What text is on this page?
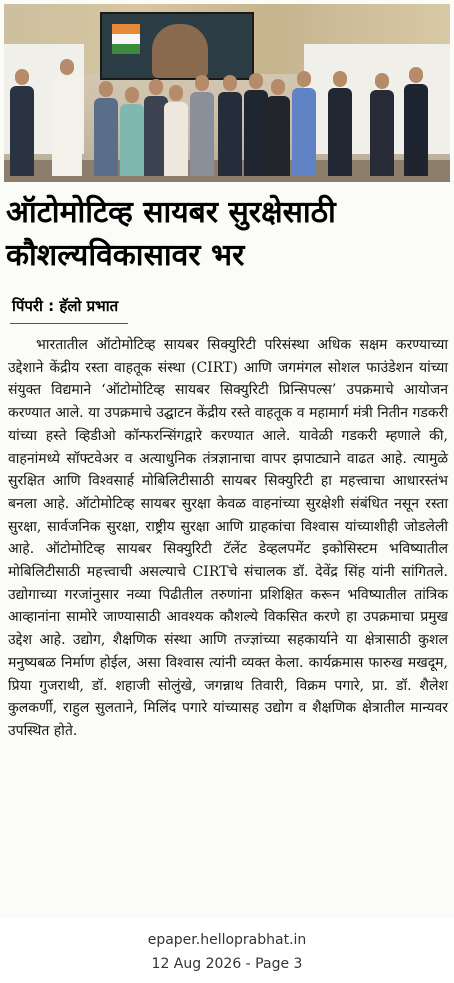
ऑटोमोटिव्ह सायबर सुरक्षेसाठी कौशल्यविकासावर भर

पिंपरी : हॅलो प्रभात

भारतातील ऑटोमोटिव्ह सायबर सिक्युरिटी परिसंस्था अधिक सक्षम करण्याच्या उद्देशाने केंद्रीय रस्ता वाहतूक संस्था (CIRT) आणि जगमंगल सोशल फाउंडेशन यांच्या संयुक्त विद्यमाने ‘ऑटोमोटिव्ह सायबर सिक्युरिटी प्रिन्सिपल्स’ उपक्रमाचे आयोजन करण्यात आले. या उपक्रमाचे उद्घाटन केंद्रीय रस्ते वाहतूक व महामार्ग मंत्री नितीन गडकरी यांच्या हस्ते व्हिडीओ कॉन्फरन्सिंगद्वारे करण्यात आले. यावेळी गडकरी म्हणाले की, वाहनांमध्ये सॉफ्टवेअर व अत्याधुनिक तंत्रज्ञानाचा वापर झपाट्याने वाढत आहे. त्यामुळे सुरक्षित आणि विश्वसार्ह मोबिलिटीसाठी सायबर सिक्युरिटी हा महत्त्वाचा आधारस्तंभ बनला आहे. ऑटोमोटिव्ह सायबर सुरक्षा केवळ वाहनांच्या सुरक्षेशी संबंधित नसून रस्ता सुरक्षा, सार्वजनिक सुरक्षा, राष्ट्रीय सुरक्षा आणि ग्राहकांचा विश्वास यांच्याशीही जोडलेली आहे. ऑटोमोटिव्ह सायबर सिक्युरिटी टॅलेंट डेव्हलपमेंट इकोसिस्टम भविष्यातील मोबिलिटीसाठी महत्त्वाची असल्याचे CIRTचे संचालक डॉ. देवेंद्र सिंह यांनी सांगितले. उद्योगाच्या गरजांनुसार नव्या पिढीतील तरुणांना प्रशिक्षित करून भविष्यातील तांत्रिक आव्हानांना सामोरे जाण्यासाठी आवश्यक कौशल्ये विकसित करणे हा उपक्रमाचा प्रमुख उद्देश आहे. उद्योग, शैक्षणिक संस्था आणि तज्ज्ञांच्या सहकार्याने या क्षेत्रासाठी कुशल मनुष्यबळ निर्माण होईल, असा विश्वास त्यांनी व्यक्त केला. कार्यक्रमास फारुख मखदूम, प्रिया गुजराथी, डॉ. शहाजी सोलुंखे, जगन्नाथ तिवारी, विक्रम पगारे, प्रा. डॉ. शैलेश कुलकर्णी, राहुल सुलताने, मिलिंद पगारे यांच्यासह उद्योग व शैक्षणिक क्षेत्रातील मान्यवर उपस्थित होते.

epaper.helloprabhat.in
12 Aug 2026 - Page 3
